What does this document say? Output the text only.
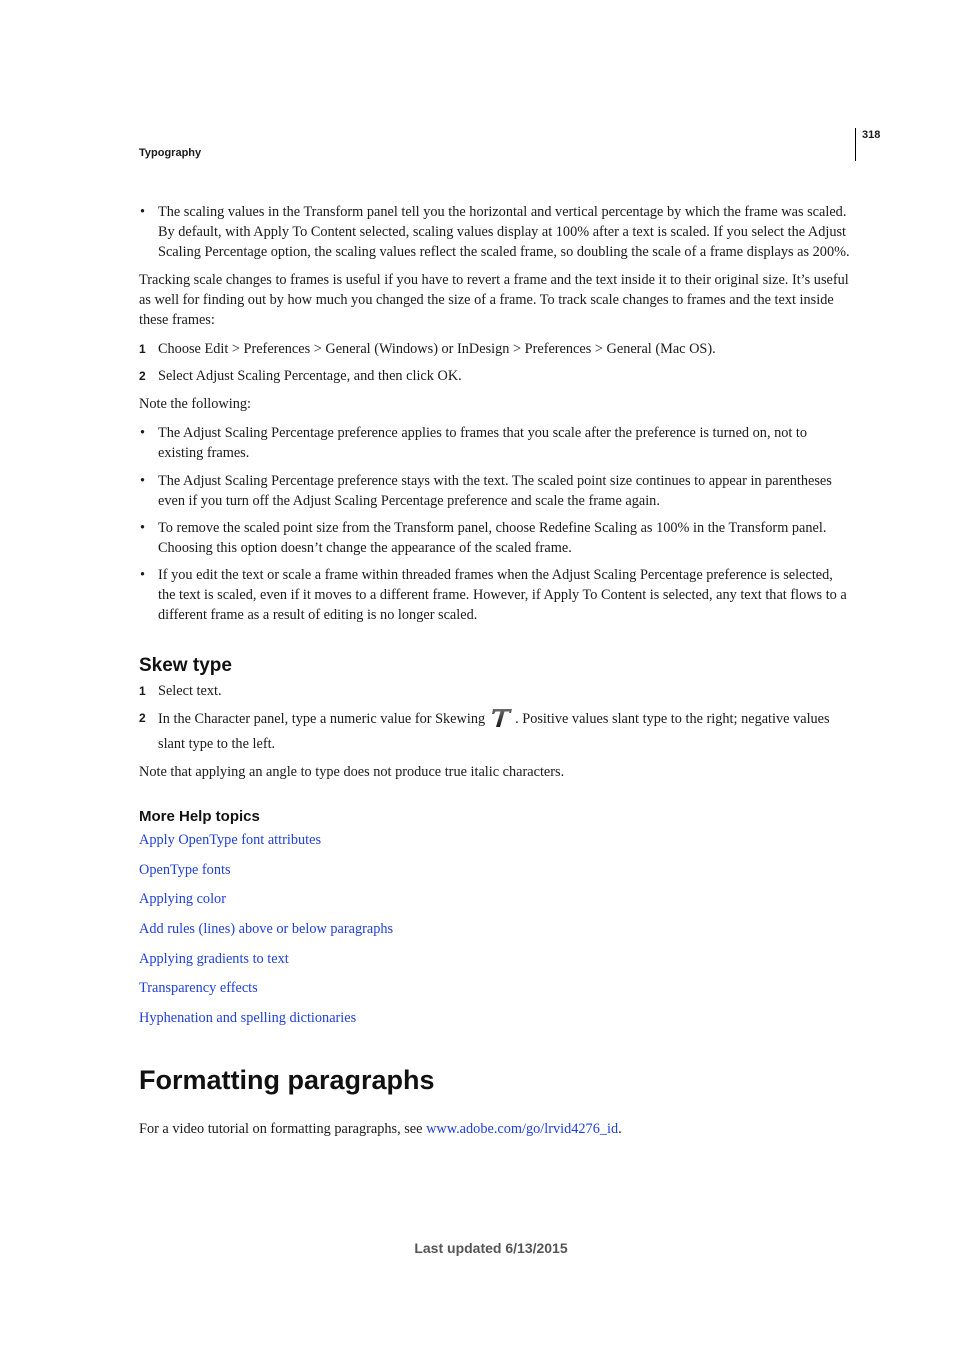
Typography
318

• The scaling values in the Transform panel tell you the horizontal and vertical percentage by which the frame was scaled. By default, with Apply To Content selected, scaling values display at 100% after a text is scaled. If you select the Adjust Scaling Percentage option, the scaling values reflect the scaled frame, so doubling the scale of a frame displays as 200%.

Tracking scale changes to frames is useful if you have to revert a frame and the text inside it to their original size. It’s useful as well for finding out by how much you changed the size of a frame. To track scale changes to frames and the text inside these frames:

1 Choose Edit > Preferences > General (Windows) or InDesign > Preferences > General (Mac OS).

2 Select Adjust Scaling Percentage, and then click OK.

Note the following:

• The Adjust Scaling Percentage preference applies to frames that you scale after the preference is turned on, not to existing frames.

• The Adjust Scaling Percentage preference stays with the text. The scaled point size continues to appear in parentheses even if you turn off the Adjust Scaling Percentage preference and scale the frame again.

• To remove the scaled point size from the Transform panel, choose Redefine Scaling as 100% in the Transform panel. Choosing this option doesn’t change the appearance of the scaled frame.

• If you edit the text or scale a frame within threaded frames when the Adjust Scaling Percentage preference is selected, the text is scaled, even if it moves to a different frame. However, if Apply To Content is selected, any text that flows to a different frame as a result of editing is no longer scaled.

Skew type

1 Select text.

2 In the Character panel, type a numeric value for Skewing . Positive values slant type to the right; negative values slant type to the left.

Note that applying an angle to type does not produce true italic characters.

More Help topics
Apply OpenType font attributes
OpenType fonts
Applying color
Add rules (lines) above or below paragraphs
Applying gradients to text
Transparency effects
Hyphenation and spelling dictionaries
Formatting paragraphs

For a video tutorial on formatting paragraphs, see www.adobe.com/go/lrvid4276_id.

Last updated 6/13/2015
